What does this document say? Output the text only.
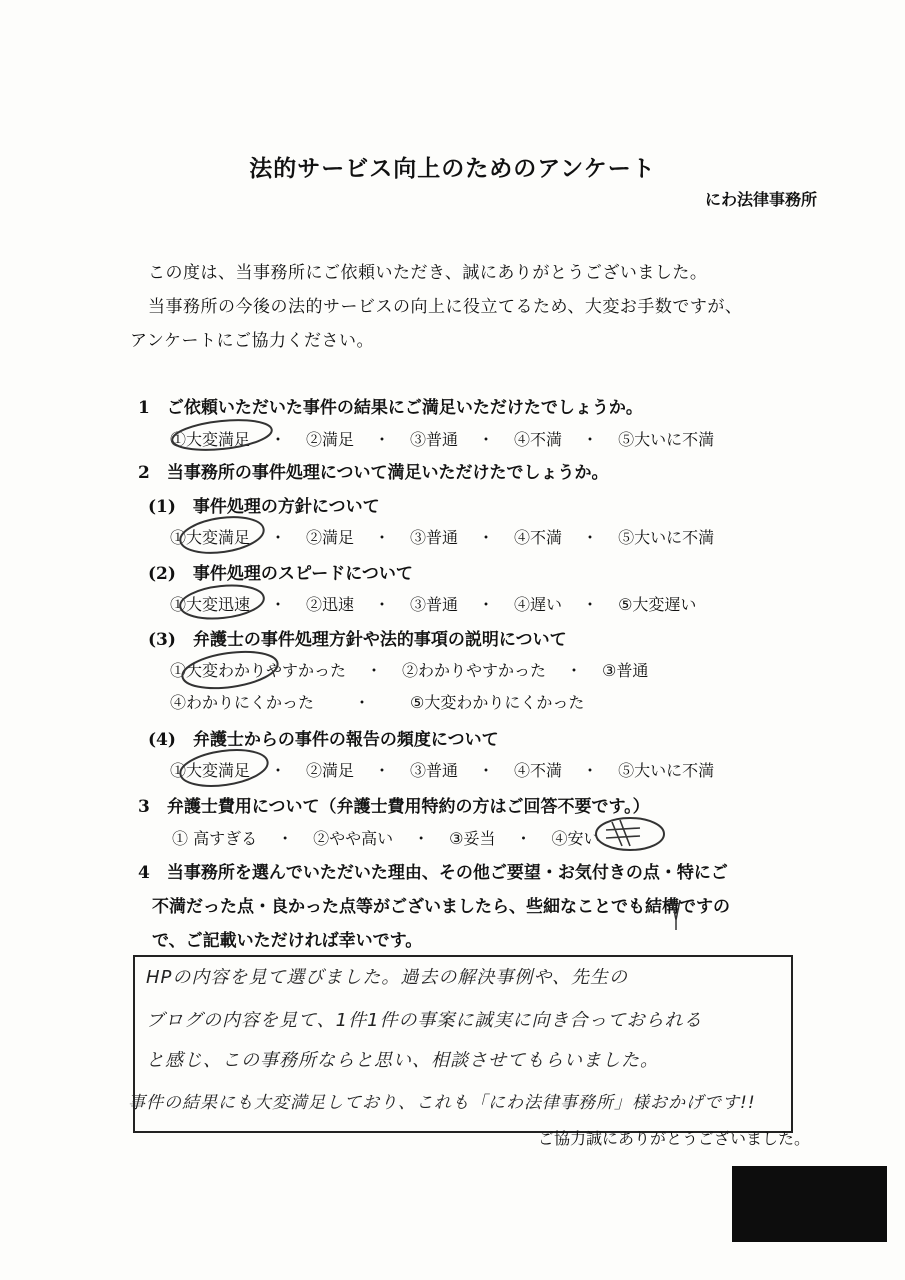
法的サービス向上のためのアンケート
にわ法律事務所
この度は、当事務所にご依頼いただき、誠にありがとうございました。
当事務所の今後の法的サービスの向上に役立てるため、大変お手数ですが、
アンケートにご協力ください。
1　ご依頼いただいた事件の結果にご満足いただけたでしょうか。
①大変満足 ・ ②満足 ・ ③普通 ・ ④不満 ・ ⑤大いに不満
2　当事務所の事件処理について満足いただけたでしょうか。
(1)　事件処理の方針について
①大変満足 ・ ②満足 ・ ③普通 ・ ④不満 ・ ⑤大いに不満
(2)　事件処理のスピードについて
①大変迅速 ・ ②迅速 ・ ③普通 ・ ④遅い ・ ⑤大変遅い
(3)　弁護士の事件処理方針や法的事項の説明について
①大変わかりやすかった ・ ②わかりやすかった ・ ③普通
④わかりにくかった ・	⑤大変わかりにくかった
(4)　弁護士からの事件の報告の頻度について
①大変満足 ・ ②満足 ・ ③普通 ・ ④不満 ・ ⑤大いに不満
3　弁護士費用について（弁護士費用特約の方はご回答不要です。）
① 高すぎる ・ ②やや高い ・ ③妥当 ・ ④安い
4　当事務所を選んでいただいた理由、その他ご要望・お気付きの点・特にご
不満だった点・良かった点等がございましたら、些細なことでも結構ですの
で、ご記載いただければ幸いです。
HPの内容を見て選びました。過去の解決事例や、先生の
ブログの内容を見て、1件1件の事案に誠実に向き合っておられる
と感じ、この事務所ならと思い、相談させてもらいました。
事件の結果にも大変満足しており、これも「にわ法律事務所」様おかげです!!
ご協力誠にありがとうございました。
